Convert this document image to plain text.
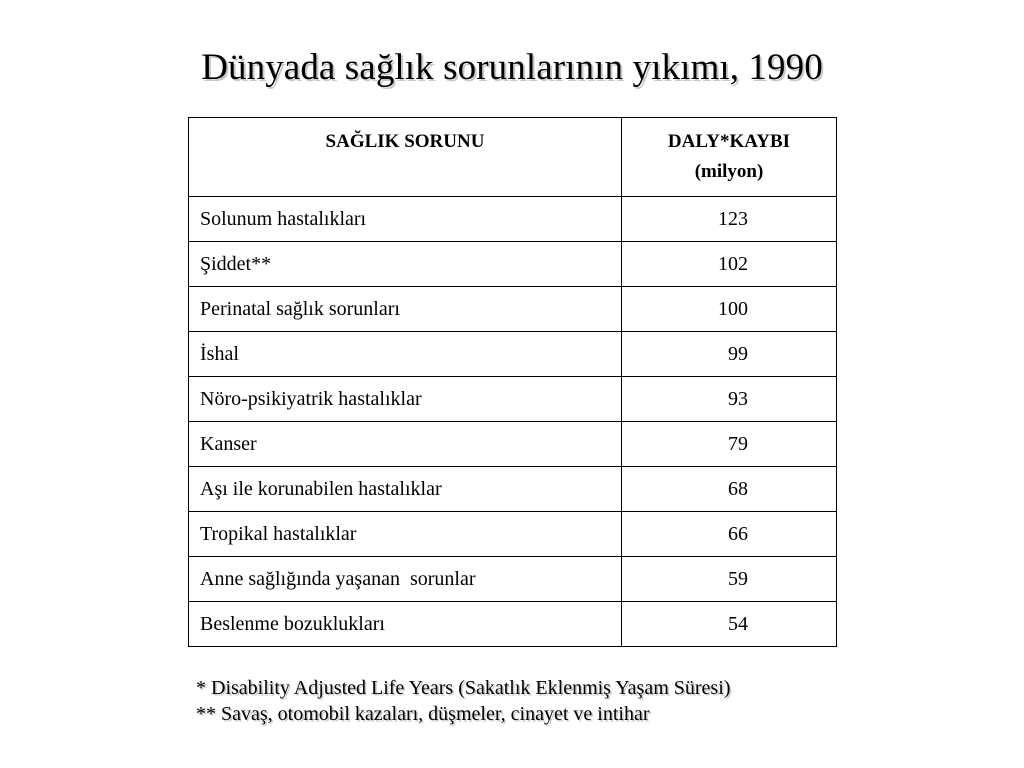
Dünyada sağlık sorunlarının yıkımı, 1990
SAĞLIK SORUNU	DALY*KAYBI
(milyon)

Solunum hastalıkları	123
Şiddet**	102
Perinatal sağlık sorunları	100
İshal	99
Nöro-psikiyatrik hastalıklar	93
Kanser	79
Aşı ile korunabilen hastalıklar	68
Tropikal hastalıklar	66
Anne sağlığında yaşanan  sorunlar	59
Beslenme bozuklukları	54
* Disability Adjusted Life Years (Sakatlık Eklenmiş Yaşam Süresi)
** Savaş, otomobil kazaları, düşmeler, cinayet ve intihar
